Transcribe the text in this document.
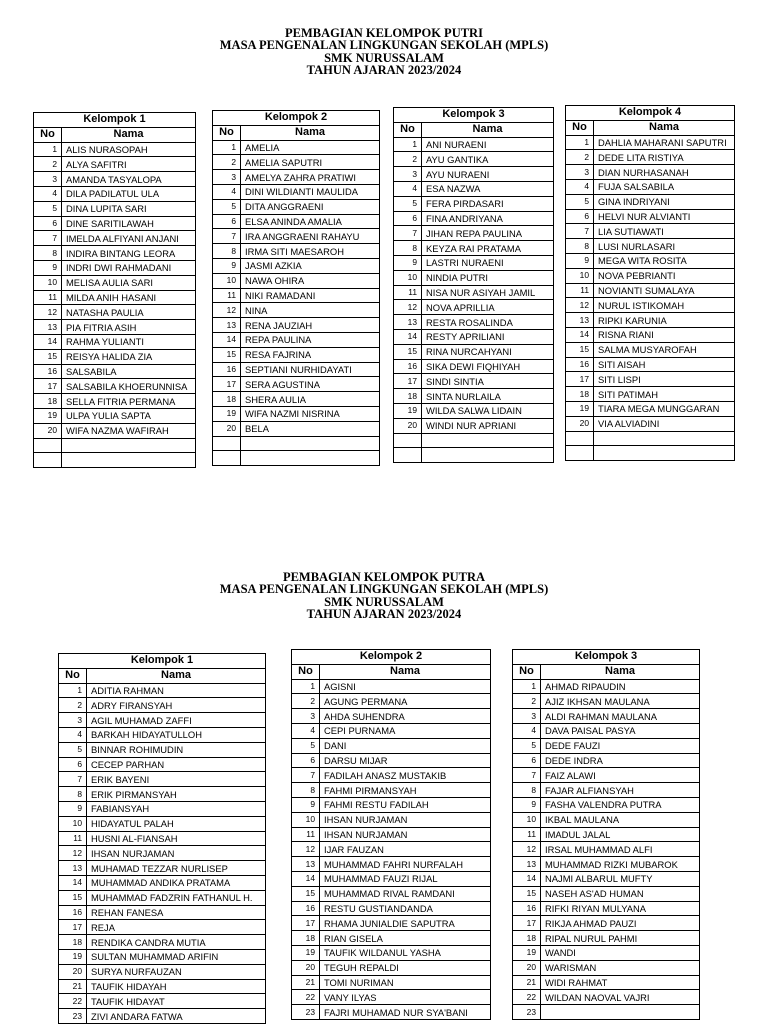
PEMBAGIAN KELOMPOK PUTRI
MASA PENGENALAN LINGKUNGAN SEKOLAH (MPLS)
SMK NURUSSALAM
TAHUN AJARAN 2023/2024
Kelompok 1	
No	Nama
1	ALIS NURASOPAH
2	ALYA SAFITRI
3	AMANDA TASYALOPA
4	DILA PADILATUL ULA
5	DINA LUPITA SARI
6	DINE SARITILAWAH
7	IMELDA ALFIYANI ANJANI
8	INDIRA BINTANG LEORA
9	INDRI DWI RAHMADANI
10	MELISA AULIA SARI
11	MILDA ANIH HASANI
12	NATASHA PAULIA
13	PIA FITRIA ASIH
14	RAHMA YULIANTI
15	REISYA HALIDA ZIA
16	SALSABILA
17	SALSABILA KHOERUNNISA
18	SELLA FITRIA PERMANA
19	ULPA YULIA SAPTA
20	WIFA NAZMA WAFIRAH

Kelompok 2	
No	Nama
1	AMELIA
2	AMELIA SAPUTRI
3	AMELYA ZAHRA PRATIWI
4	DINI WILDIANTI MAULIDA
5	DITA ANGGRAENI
6	ELSA ANINDA AMALIA
7	IRA ANGGRAENI RAHAYU
8	IRMA SITI MAESAROH
9	JASMI AZKIA
10	NAWA OHIRA
11	NIKI RAMADANI
12	NINA
13	RENA JAUZIAH
14	REPA PAULINA
15	RESA FAJRINA
16	SEPTIANI NURHIDAYATI
17	SERA AGUSTINA
18	SHERA AULIA
19	WIFA NAZMI NISRINA
20	BELA

Kelompok 3	
No	Nama
1	ANI NURAENI
2	AYU GANTIKA
3	AYU NURAENI
4	ESA NAZWA
5	FERA PIRDASARI
6	FINA ANDRIYANA
7	JIHAN REPA PAULINA
8	KEYZA RAI PRATAMA
9	LASTRI NURAENI
10	NINDIA PUTRI
11	NISA NUR ASIYAH JAMIL
12	NOVA APRILLIA
13	RESTA ROSALINDA
14	RESTY APRILIANI
15	RINA NURCAHYANI
16	SIKA DEWI FIQHIYAH
17	SINDI SINTIA
18	SINTA NURLAILA
19	WILDA SALWA LIDAIN
20	WINDI NUR APRIANI

Kelompok 4	
No	Nama
1	DAHLIA MAHARANI SAPUTRI
2	DEDE LITA RISTIYA
3	DIAN NURHASANAH
4	FUJA SALSABILA
5	GINA INDRIYANI
6	HELVI NUR ALVIANTI
7	LIA SUTIAWATI
8	LUSI NURLASARI
9	MEGA WITA ROSITA
10	NOVA PEBRIANTI
11	NOVIANTI SUMALAYA
12	NURUL ISTIKOMAH
13	RIPKI KARUNIA
14	RISNA RIANI
15	SALMA MUSYAROFAH
16	SITI AISAH
17	SITI LISPI
18	SITI PATIMAH
19	TIARA MEGA MUNGGARAN
20	VIA ALVIADINI

PEMBAGIAN KELOMPOK PUTRA
MASA PENGENALAN LINGKUNGAN SEKOLAH (MPLS)
SMK NURUSSALAM
TAHUN AJARAN 2023/2024
Kelompok 1	
No	Nama
1	ADITIA RAHMAN
2	ADRY FIRANSYAH
3	AGIL MUHAMAD ZAFFI
4	BARKAH HIDAYATULLOH
5	BINNAR ROHIMUDIN
6	CECEP PARHAN
7	ERIK BAYENI
8	ERIK PIRMANSYAH
9	FABIANSYAH
10	HIDAYATUL PALAH
11	HUSNI AL-FIANSAH
12	IHSAN NURJAMAN
13	MUHAMAD TEZZAR NURLISEP
14	MUHAMMAD ANDIKA PRATAMA
15	MUHAMMAD FADZRIN FATHANUL H.
16	REHAN FANESA
17	REJA
18	RENDIKA CANDRA MUTIA
19	SULTAN MUHAMMAD ARIFIN
20	SURYA NURFAUZAN
21	TAUFIK HIDAYAH
22	TAUFIK HIDAYAT
23	ZIVI ANDARA FATWA
Kelompok 2	
No	Nama
1	AGISNI
2	AGUNG PERMANA
3	AHDA SUHENDRA
4	CEPI PURNAMA
5	DANI
6	DARSU MIJAR
7	FADILAH ANASZ MUSTAKIB
8	FAHMI PIRMANSYAH
9	FAHMI RESTU FADILAH
10	IHSAN NURJAMAN
11	IHSAN NURJAMAN
12	IJAR FAUZAN
13	MUHAMMAD FAHRI NURFALAH
14	MUHAMMAD FAUZI RIJAL
15	MUHAMMAD RIVAL RAMDANI
16	RESTU GUSTIANDANDA
17	RHAMA JUNIALDIE SAPUTRA
18	RIAN GISELA
19	TAUFIK WILDANUL YASHA
20	TEGUH REPALDI
21	TOMI NURIMAN
22	VANY ILYAS
23	FAJRI MUHAMAD NUR SYA'BANI
Kelompok 3	
No	Nama
1	AHMAD RIPAUDIN
2	AJIZ IKHSAN MAULANA
3	ALDI RAHMAN MAULANA
4	DAVA PAISAL PASYA
5	DEDE FAUZI
6	DEDE INDRA
7	FAIZ ALAWI
8	FAJAR ALFIANSYAH
9	FASHA VALENDRA PUTRA
10	IKBAL MAULANA
11	IMADUL JALAL
12	IRSAL MUHAMMAD ALFI
13	MUHAMMAD RIZKI MUBAROK
14	NAJMI ALBARUL MUFTY
15	NASEH AS'AD HUMAN
16	RIFKI RIYAN MULYANA
17	RIKJA AHMAD PAUZI
18	RIPAL NURUL PAHMI
19	WANDI
20	WARISMAN
21	WIDI RAHMAT
22	WILDAN NAOVAL VAJRI
23	
